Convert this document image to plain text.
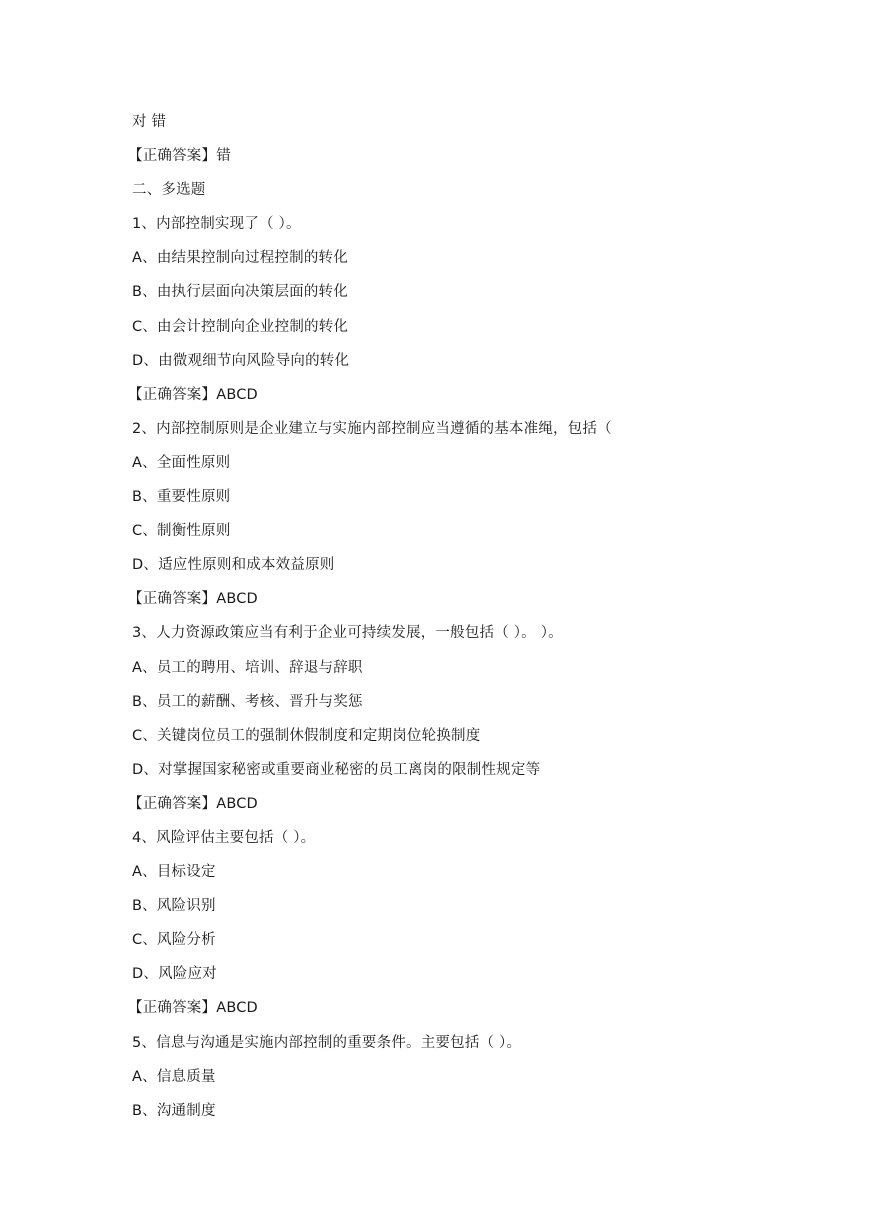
对 错
【正确答案】错
二、多选题
1、内部控制实现了（ ）。
A、由结果控制向过程控制的转化
B、由执行层面向决策层面的转化
C、由会计控制向企业控制的转化
D、由微观细节向风险导向的转化
【正确答案】ABCD
2、内部控制原则是企业建立与实施内部控制应当遵循的基本准绳，包括（
A、全面性原则
B、重要性原则
C、制衡性原则
D、适应性原则和成本效益原则
【正确答案】ABCD
3、人力资源政策应当有利于企业可持续发展，一般包括（ ）。 ）。
A、员工的聘用、培训、辞退与辞职
B、员工的薪酬、考核、晋升与奖惩
C、关键岗位员工的强制休假制度和定期岗位轮换制度
D、对掌握国家秘密或重要商业秘密的员工离岗的限制性规定等
【正确答案】ABCD
4、风险评估主要包括（ ）。
A、目标设定
B、风险识别
C、风险分析
D、风险应对
【正确答案】ABCD
5、信息与沟通是实施内部控制的重要条件。主要包括（ ）。
A、信息质量
B、沟通制度
